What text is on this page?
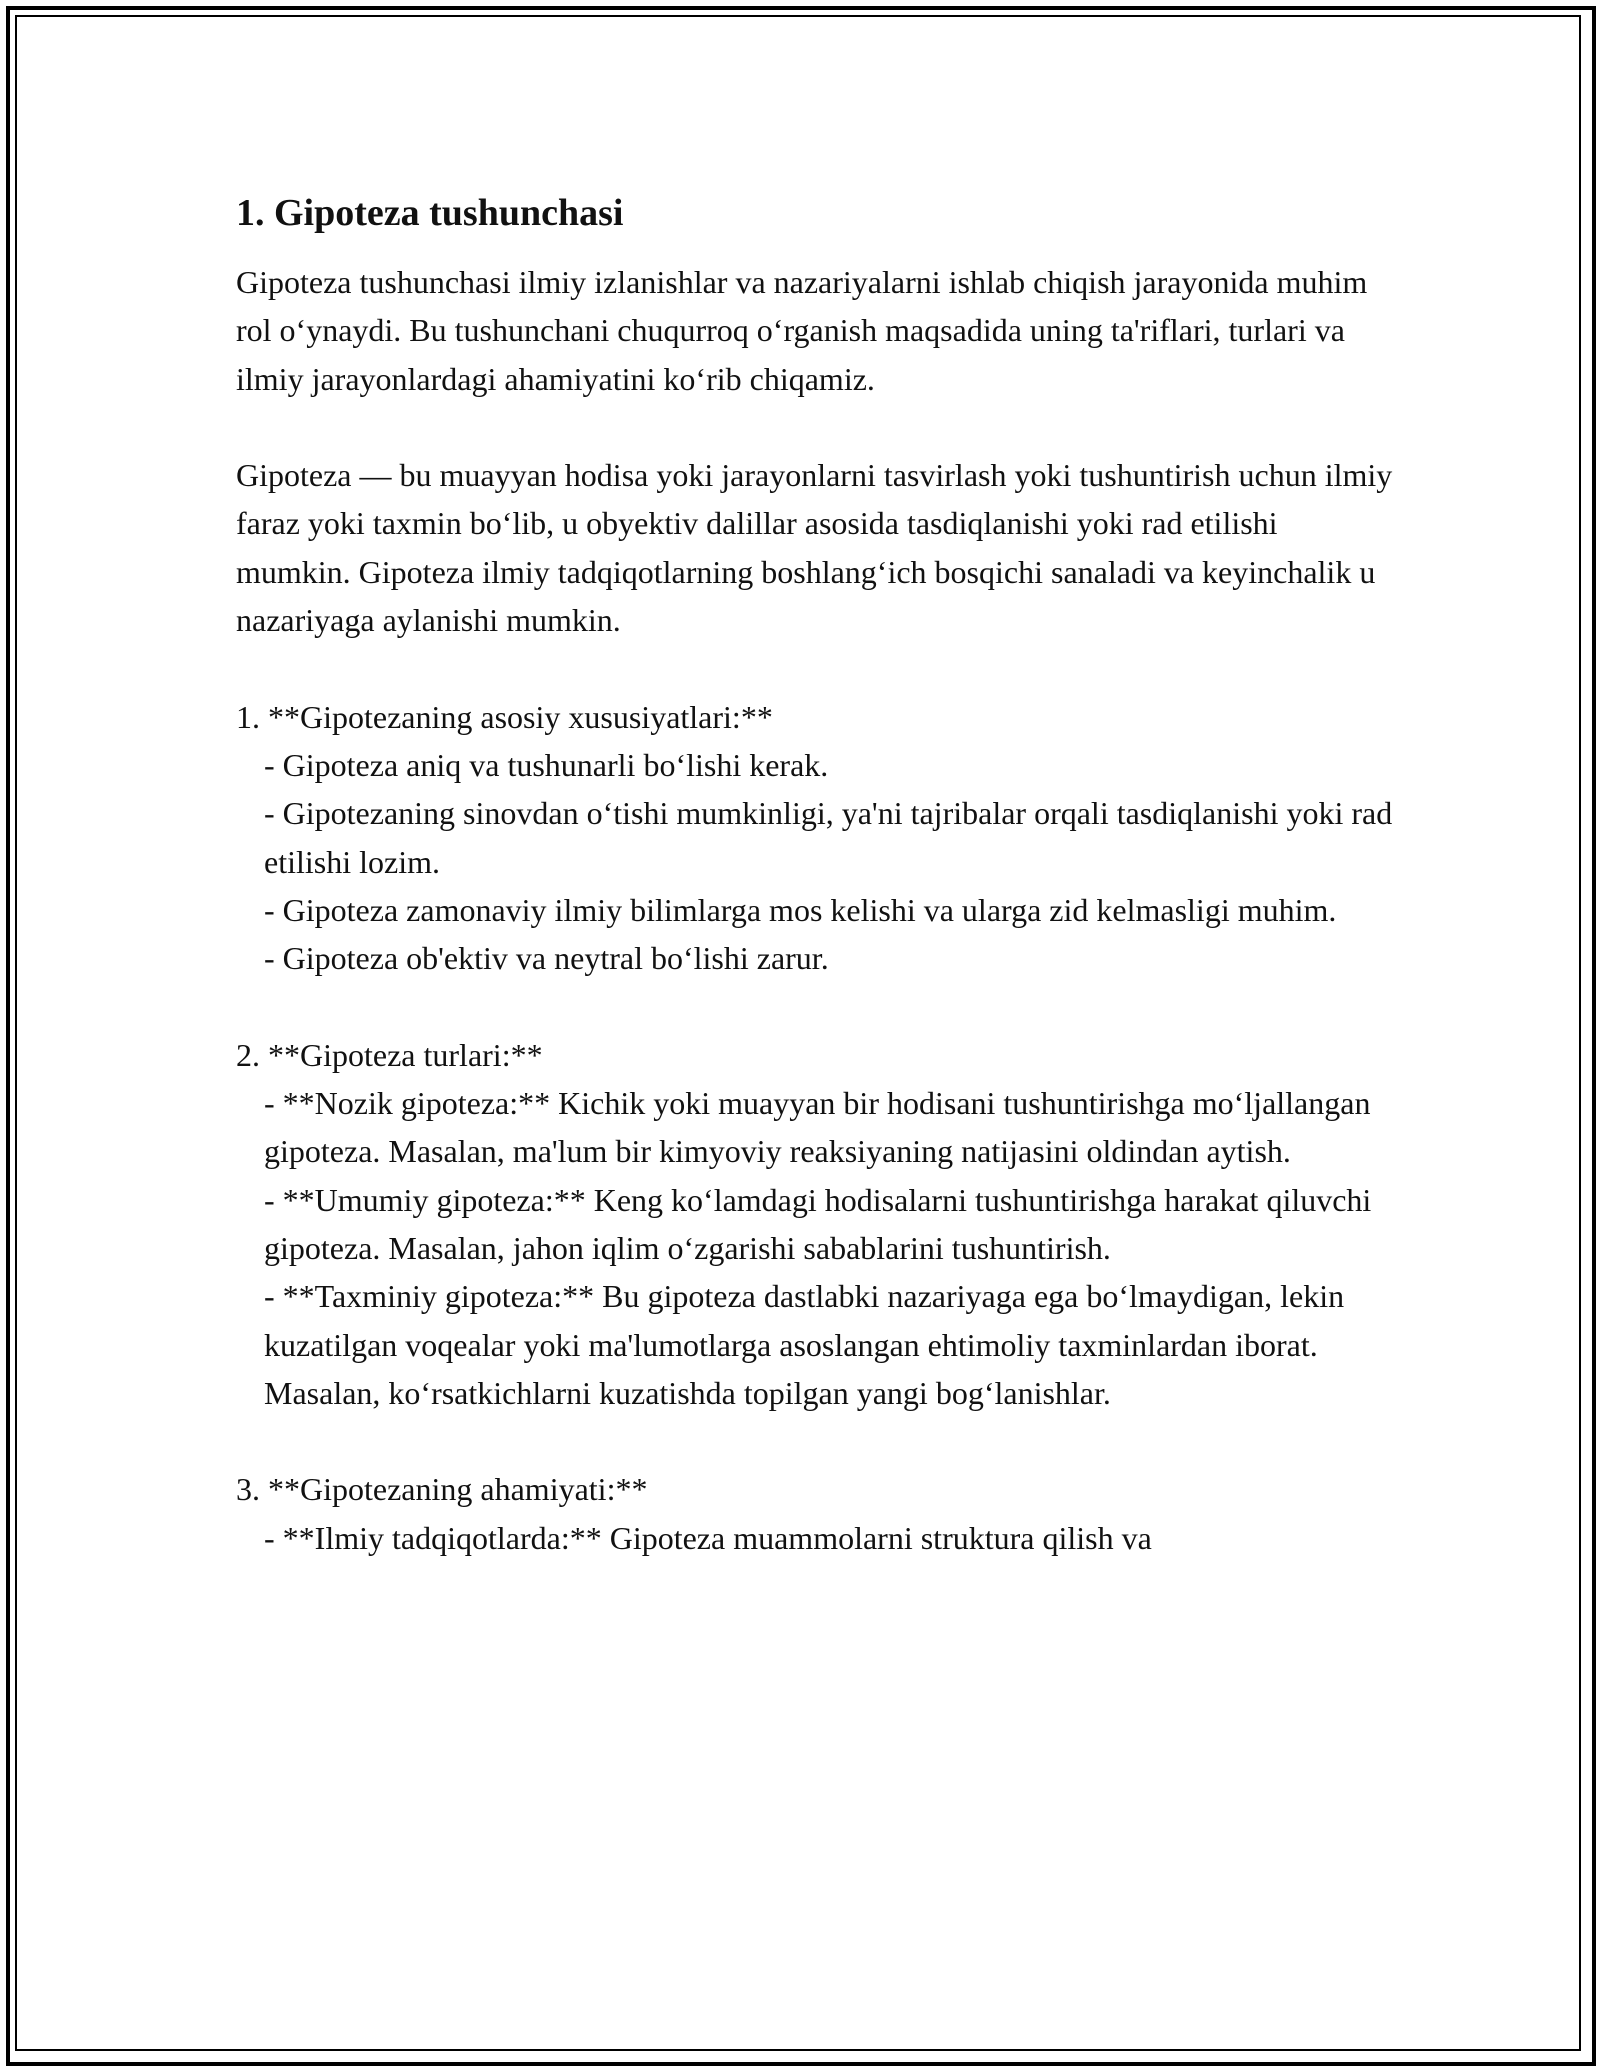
1. Gipoteza tushunchasi

Gipoteza tushunchasi ilmiy izlanishlar va nazariyalarni ishlab chiqish jarayonida muhim rol o‘ynaydi. Bu tushunchani chuqurroq o‘rganish maqsadida uning ta'riflari, turlari va ilmiy jarayonlardagi ahamiyatini ko‘rib chiqamiz.

Gipoteza — bu muayyan hodisa yoki jarayonlarni tasvirlash yoki tushuntirish uchun ilmiy faraz yoki taxmin bo‘lib, u obyektiv dalillar asosida tasdiqlanishi yoki rad etilishi mumkin. Gipoteza ilmiy tadqiqotlarning boshlang‘ich bosqichi sanaladi va keyinchalik u nazariyaga aylanishi mumkin.

1. **Gipotezaning asosiy xususiyatlari:**

- Gipoteza aniq va tushunarli bo‘lishi kerak.

- Gipotezaning sinovdan o‘tishi mumkinligi, ya'ni tajribalar orqali tasdiqlanishi yoki rad etilishi lozim.

- Gipoteza zamonaviy ilmiy bilimlarga mos kelishi va ularga zid kelmasligi muhim.

- Gipoteza ob'ektiv va neytral bo‘lishi zarur.

2. **Gipoteza turlari:**

- **Nozik gipoteza:** Kichik yoki muayyan bir hodisani tushuntirishga mo‘ljallangan gipoteza. Masalan, ma'lum bir kimyoviy reaksiyaning natijasini oldindan aytish.

- **Umumiy gipoteza:** Keng ko‘lamdagi hodisalarni tushuntirishga harakat qiluvchi gipoteza. Masalan, jahon iqlim o‘zgarishi sabablarini tushuntirish.

- **Taxminiy gipoteza:** Bu gipoteza dastlabki nazariyaga ega bo‘lmaydigan, lekin kuzatilgan voqealar yoki ma'lumotlarga asoslangan ehtimoliy taxminlardan iborat. Masalan, ko‘rsatkichlarni kuzatishda topilgan yangi bog‘lanishlar.

3. **Gipotezaning ahamiyati:**

- **Ilmiy tadqiqotlarda:** Gipoteza muammolarni struktura qilish va
